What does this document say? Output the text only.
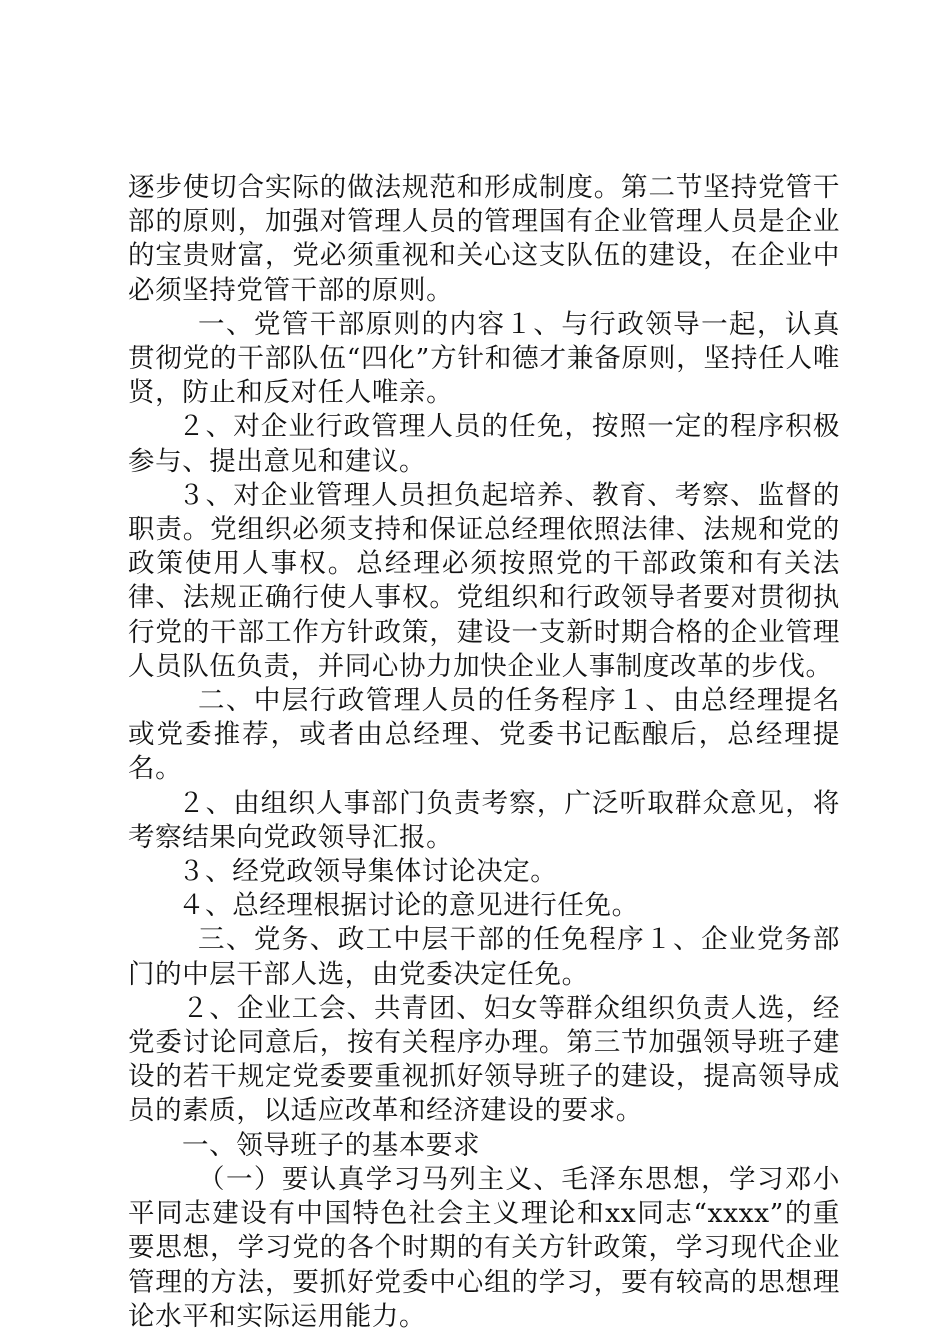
逐步使切合实际的做法规范和形成制度。第二节坚持党管干部的原则，加强对管理人员的管理国有企业管理人员是企业的宝贵财富，党必须重视和关心这支队伍的建设，在企业中必须坚持党管干部的原则。

一、党管干部原则的内容１、与行政领导一起，认真贯彻党的干部队伍“四化”方针和德才兼备原则，坚持任人唯贤，防止和反对任人唯亲。

２、对企业行政管理人员的任免，按照一定的程序积极参与、提出意见和建议。

３、对企业管理人员担负起培养、教育、考察、监督的职责。党组织必须支持和保证总经理依照法律、法规和党的政策使用人事权。总经理必须按照党的干部政策和有关法律、法规正确行使人事权。党组织和行政领导者要对贯彻执行党的干部工作方针政策，建设一支新时期合格的企业管理人员队伍负责，并同心协力加快企业人事制度改革的步伐。

二、中层行政管理人员的任务程序１、由总经理提名或党委推荐，或者由总经理、党委书记酝酿后，总经理提名。

２、由组织人事部门负责考察，广泛听取群众意见，将考察结果向党政领导汇报。

３、经党政领导集体讨论决定。

４、总经理根据讨论的意见进行任免。

三、党务、政工中层干部的任免程序１、企业党务部门的中层干部人选，由党委决定任免。

２、企业工会、共青团、妇女等群众组织负责人选，经党委讨论同意后，按有关程序办理。第三节加强领导班子建设的若干规定党委要重视抓好领导班子的建设，提高领导成员的素质，以适应改革和经济建设的要求。

一、领导班子的基本要求

（一）要认真学习马列主义、毛泽东思想，学习邓小平同志建设有中国特色社会主义理论和xx同志“xxxx”的重要思想，学习党的各个时期的有关方针政策，学习现代企业管理的方法，要抓好党委中心组的学习，要有较高的思想理论水平和实际运用能力。
